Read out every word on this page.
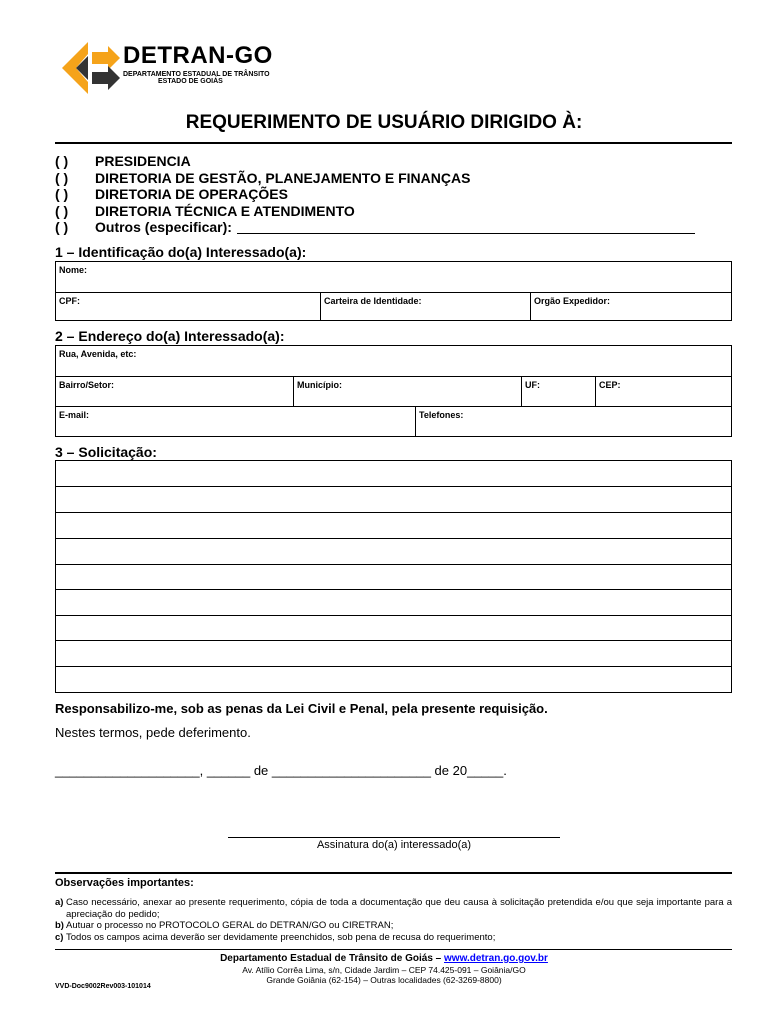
DETRAN-GO
DEPARTAMENTO ESTADUAL DE TRÂNSITO
ESTADO DE GOIÁS
REQUERIMENTO DE USUÁRIO DIRIGIDO À:
( ) PRESIDENCIA
( ) DIRETORIA DE GESTÃO, PLANEJAMENTO E FINANÇAS
( ) DIRETORIA DE OPERAÇÕES
( ) DIRETORIA TÉCNICA E ATENDIMENTO
( ) Outros (especificar):
1 – Identificação do(a) Interessado(a):
Nome:
CPF:	Carteira de Identidade:	Orgão Expedidor:
2 – Endereço do(a) Interessado(a):
Rua, Avenida, etc:
Bairro/Setor:	Município:	UF:	CEP:
E-mail:	Telefones:
3 – Solicitação:
Responsabilizo-me, sob as penas da Lei Civil e Penal, pela presente requisição.
Nestes termos, pede deferimento.
____________________, ______ de ______________________ de 20_____.
Assinatura do(a) interessado(a)
Observações importantes:
a) Caso necessário, anexar ao presente requerimento, cópia de toda a documentação que deu causa à solicitação pretendida e/ou que seja importante para a apreciação do pedido;
b) Autuar o processo no PROTOCOLO GERAL do DETRAN/GO ou CIRETRAN;
c) Todos os campos acima deverão ser devidamente preenchidos, sob pena de recusa do requerimento;
Departamento Estadual de Trânsito de Goiás – www.detran.go.gov.br
Av. Atílio Corrêa Lima, s/n, Cidade Jardim – CEP 74.425-091 – Goiânia/GO
Grande Goiânia (62-154) – Outras localidades (62-3269-8800)
VVD-Doc9002Rev003-101014
